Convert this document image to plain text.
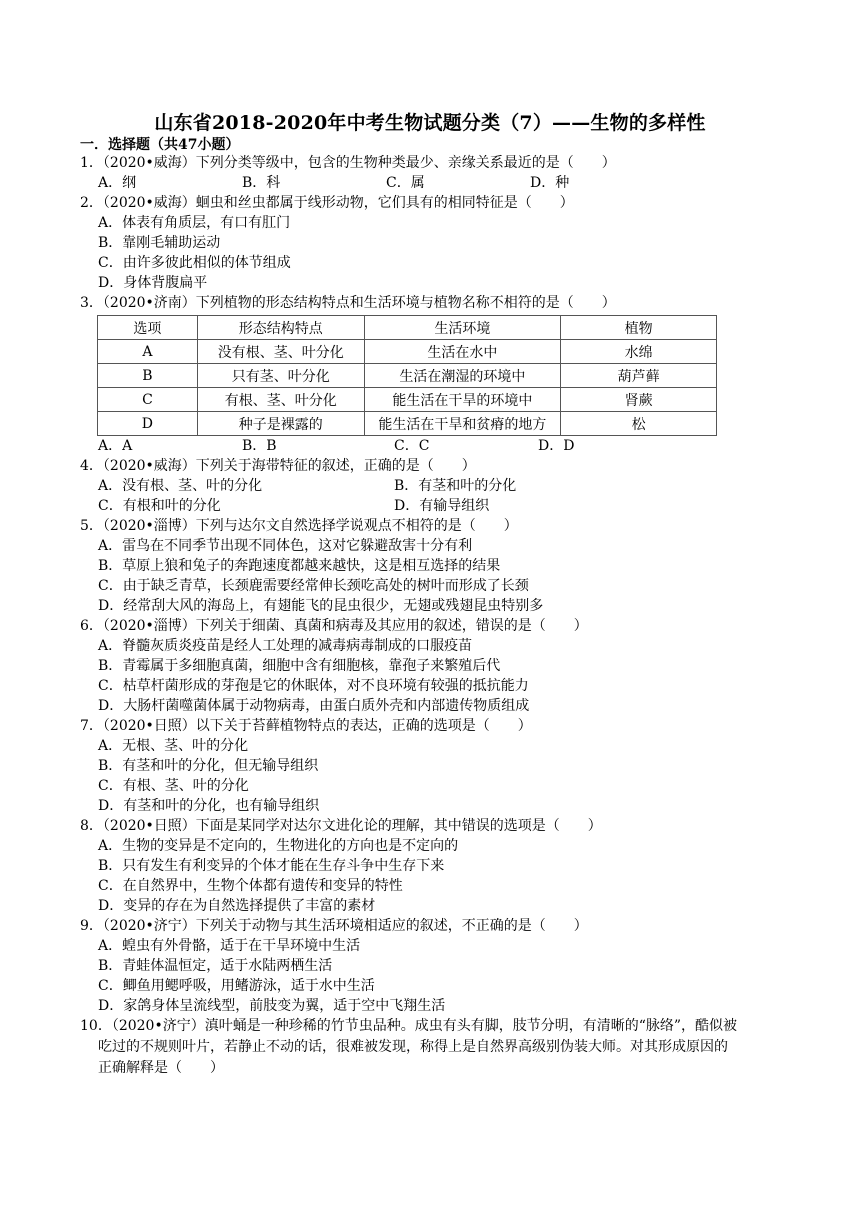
山东省2018-2020年中考生物试题分类（7）——生物的多样性
一．选择题（共47小题）
1．（2020•威海）下列分类等级中，包含的生物种类最少、亲缘关系最近的是（　　）
A．纲	B．科	C．属	D．种
2．（2020•威海）蛔虫和丝虫都属于线形动物，它们具有的相同特征是（　　）
A．体表有角质层，有口有肛门
B．靠刚毛辅助运动
C．由许多彼此相似的体节组成
D．身体背腹扁平
3．（2020•济南）下列植物的形态结构特点和生活环境与植物名称不相符的是（　　）
选项	形态结构特点	生活环境	植物
A	没有根、茎、叶分化	生活在水中	水绵
B	只有茎、叶分化	生活在潮湿的环境中	葫芦藓
C	有根、茎、叶分化	能生活在干旱的环境中	肾蕨
D	种子是裸露的	能生活在干旱和贫瘠的地方	松
A．A	B．B	C．C	D．D
4．（2020•威海）下列关于海带特征的叙述，正确的是（　　）
A．没有根、茎、叶的分化	B．有茎和叶的分化
C．有根和叶的分化	D．有输导组织
5．（2020•淄博）下列与达尔文自然选择学说观点不相符的是（　　）
A．雷鸟在不同季节出现不同体色，这对它躲避敌害十分有利
B．草原上狼和兔子的奔跑速度都越来越快，这是相互选择的结果
C．由于缺乏青草，长颈鹿需要经常伸长颈吃高处的树叶而形成了长颈
D．经常刮大风的海岛上，有翅能飞的昆虫很少，无翅或残翅昆虫特别多
6．（2020•淄博）下列关于细菌、真菌和病毒及其应用的叙述，错误的是（　　）
A．脊髓灰质炎疫苗是经人工处理的减毒病毒制成的口服疫苗
B．青霉属于多细胞真菌，细胞中含有细胞核，靠孢子来繁殖后代
C．枯草杆菌形成的芽孢是它的休眠体，对不良环境有较强的抵抗能力
D．大肠杆菌噬菌体属于动物病毒，由蛋白质外壳和内部遗传物质组成
7．（2020•日照）以下关于苔藓植物特点的表达，正确的选项是（　　）
A．无根、茎、叶的分化
B．有茎和叶的分化，但无输导组织
C．有根、茎、叶的分化
D．有茎和叶的分化，也有输导组织
8．（2020•日照）下面是某同学对达尔文进化论的理解，其中错误的选项是（　　）
A．生物的变异是不定向的，生物进化的方向也是不定向的
B．只有发生有利变异的个体才能在生存斗争中生存下来
C．在自然界中，生物个体都有遗传和变异的特性
D．变异的存在为自然选择提供了丰富的素材
9．（2020•济宁）下列关于动物与其生活环境相适应的叙述，不正确的是（　　）
A．蝗虫有外骨骼，适于在干旱环境中生活
B．青蛙体温恒定，适于水陆两栖生活
C．鲫鱼用鳃呼吸，用鳍游泳，适于水中生活
D．家鸽身体呈流线型，前肢变为翼，适于空中飞翔生活
10．（2020•济宁）滇叶蛹是一种珍稀的竹节虫品种。成虫有头有脚，肢节分明，有清晰的“脉络”，酷似被
吃过的不规则叶片，若静止不动的话，很难被发现，称得上是自然界高级别伪装大师。对其形成原因的
正确解释是（　　）
